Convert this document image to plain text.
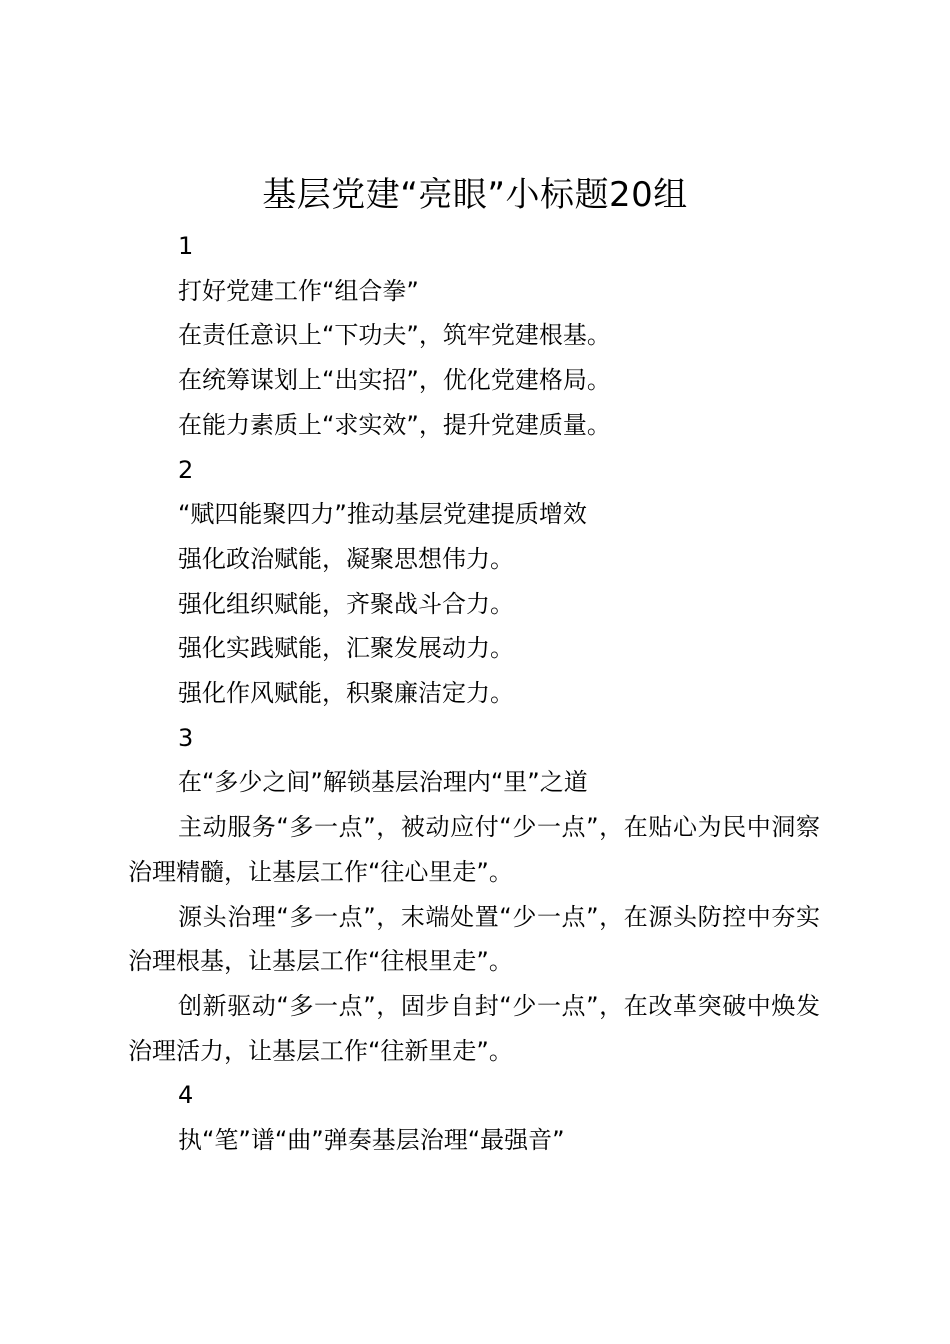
基层党建“亮眼”小标题20组

1

打好党建工作“组合拳”

在责任意识上“下功夫”，筑牢党建根基。

在统筹谋划上“出实招”，优化党建格局。

在能力素质上“求实效”，提升党建质量。

2

“赋四能聚四力”推动基层党建提质增效

强化政治赋能，凝聚思想伟力。

强化组织赋能，齐聚战斗合力。

强化实践赋能，汇聚发展动力。

强化作风赋能，积聚廉洁定力。

3

在“多少之间”解锁基层治理内“里”之道

主动服务“多一点”，被动应付“少一点”，在贴心为民中洞察治理精髓，让基层工作“往心里走”。

源头治理“多一点”，末端处置“少一点”，在源头防控中夯实治理根基，让基层工作“往根里走”。

创新驱动“多一点”，固步自封“少一点”，在改革突破中焕发治理活力，让基层工作“往新里走”。

4

执“笔”谱“曲”弹奏基层治理“最强音”
